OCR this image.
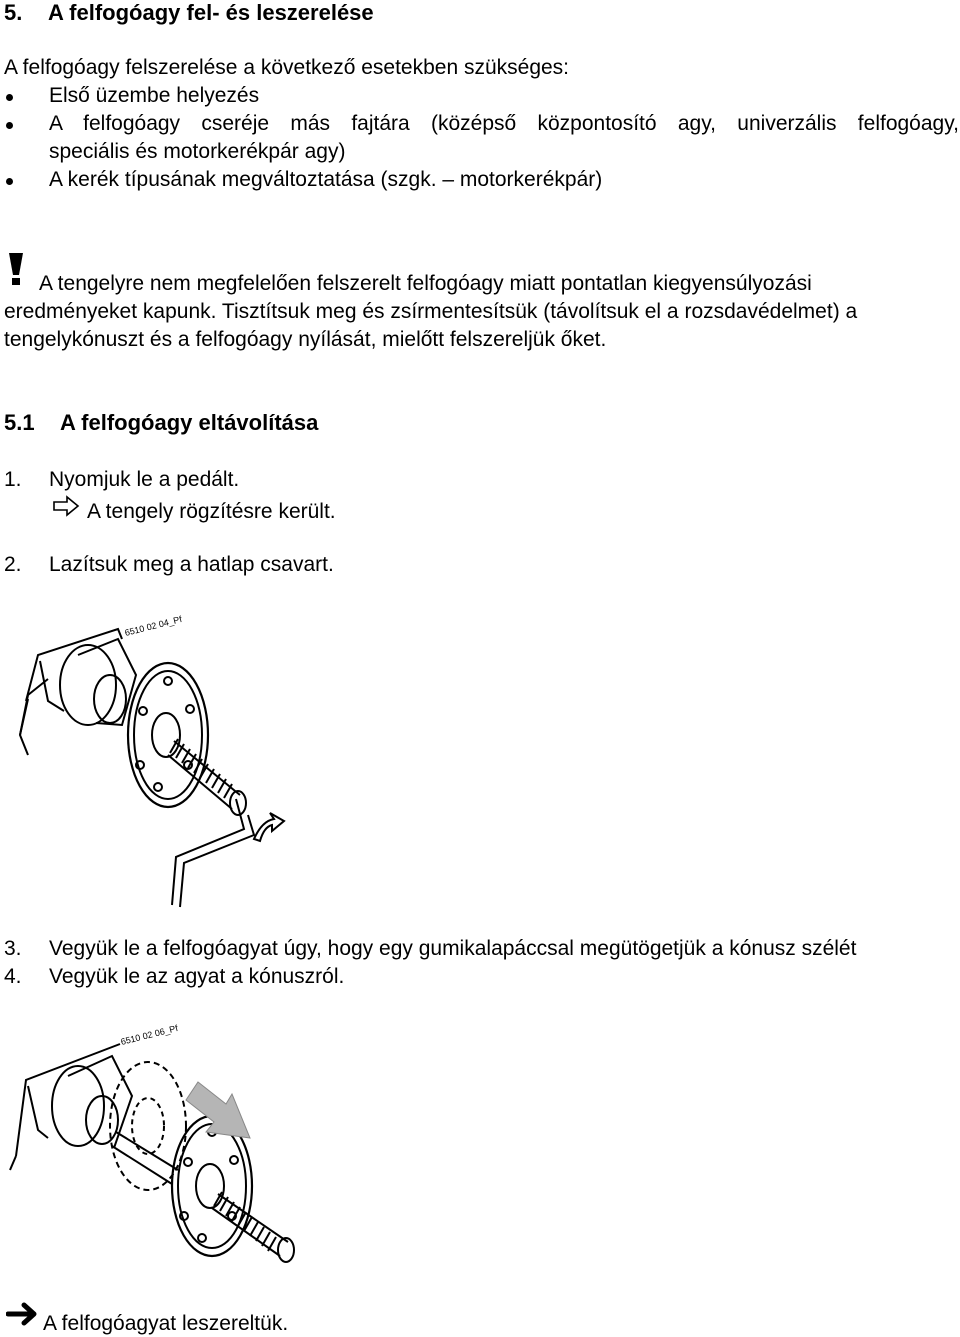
5. A felfogóagy fel- és leszerelése
A felfogóagy felszerelése a következő esetekben szükséges:
Első üzembe helyezés
A felfogóagy cseréje más fajtára (középső központosító agy, univerzális felfogóagy,
speciális és motorkerékpár agy)
A kerék típusának megváltoztatása (szgk. – motorkerékpár)
A tengelyre nem megfelelően felszerelt felfogóagy miatt pontatlan kiegyensúlyozási
eredményeket kapunk. Tisztítsuk meg és zsírmentesítsük (távolítsuk el a rozsdavédelmet) a
tengelykónuszt és a felfogóagy nyílását, mielőtt felszereljük őket.
5.1 A felfogóagy eltávolítása
1. Nyomjuk le a pedált.
A tengely rögzítésre került.
2. Lazítsuk meg a hatlap csavart.
6510 02 04_Pf
3. Vegyük le a felfogóagyat úgy, hogy egy gumikalapáccsal megütögetjük a kónusz szélét
4. Vegyük le az agyat a kónuszról.
6510 02 06_Pf
A felfogóagyat leszereltük.
